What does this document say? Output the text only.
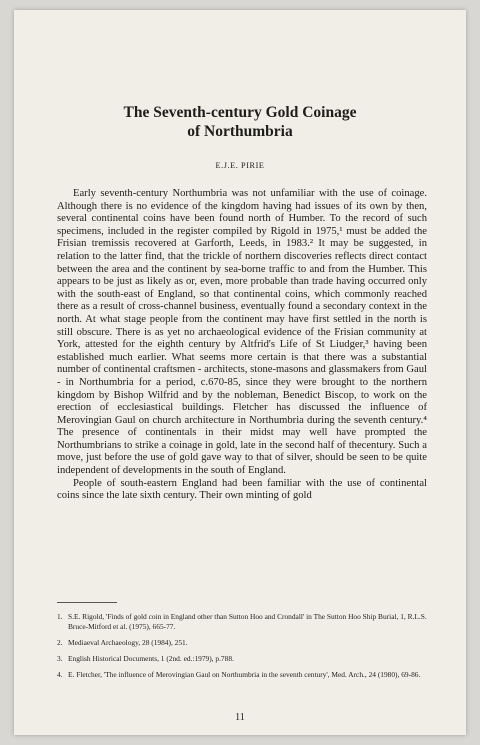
The Seventh-century Gold Coinage
of Northumbria
E.J.E. PIRIE

Early seventh-century Northumbria was not unfamiliar with the use of coinage. Although there is no evidence of the kingdom having had issues of its own by then, several continental coins have been found north of Humber. To the record of such specimens, included in the register compiled by Rigold in 1975,¹ must be added the Frisian tremissis recovered at Garforth, Leeds, in 1983.² It may be suggested, in relation to the latter find, that the trickle of northern discoveries reflects direct contact between the area and the continent by sea-borne traffic to and from the Humber. This appears to be just as likely as or, even, more probable than trade having occurred only with the south-east of England, so that continental coins, which commonly reached there as a result of cross-channel business, eventually found a secondary context in the north. At what stage people from the continent may have first settled in the north is still obscure. There is as yet no archaeological evidence of the Frisian community at York, attested for the eighth century by Altfrid's Life of St Liudger,³ having been established much earlier. What seems more certain is that there was a substantial number of continental craftsmen - architects, stone-masons and glassmakers from Gaul - in Northumbria for a period, c.670-85, since they were brought to the northern kingdom by Bishop Wilfrid and by the nobleman, Benedict Biscop, to work on the erection of ecclesiastical buildings. Fletcher has discussed the influence of Merovingian Gaul on church architecture in Northumbria during the seventh century.⁴ The presence of continentals in their midst may well have prompted the Northumbrians to strike a coinage in gold, late in the second half of thecentury. Such a move, just before the use of gold gave way to that of silver, should be seen to be quite independent of developments in the south of England.

People of south-eastern England had been familiar with the use of continental coins since the late sixth century. Their own minting of gold

1. S.E. Rigold, 'Finds of gold coin in England other than Sutton Hoo and Crondall' in The Sutton Hoo Ship Burial, 1, R.L.S. Bruce-Mitford et al. (1975), 665-77.
2. Mediaeval Archaeology, 28 (1984), 251.
3. English Historical Documents, 1 (2nd. ed.:1979), p.788.
4. E. Fletcher, 'The influence of Merovingian Gaul on Northumbria in the seventh century', Med. Arch., 24 (1980), 69-86.
11
